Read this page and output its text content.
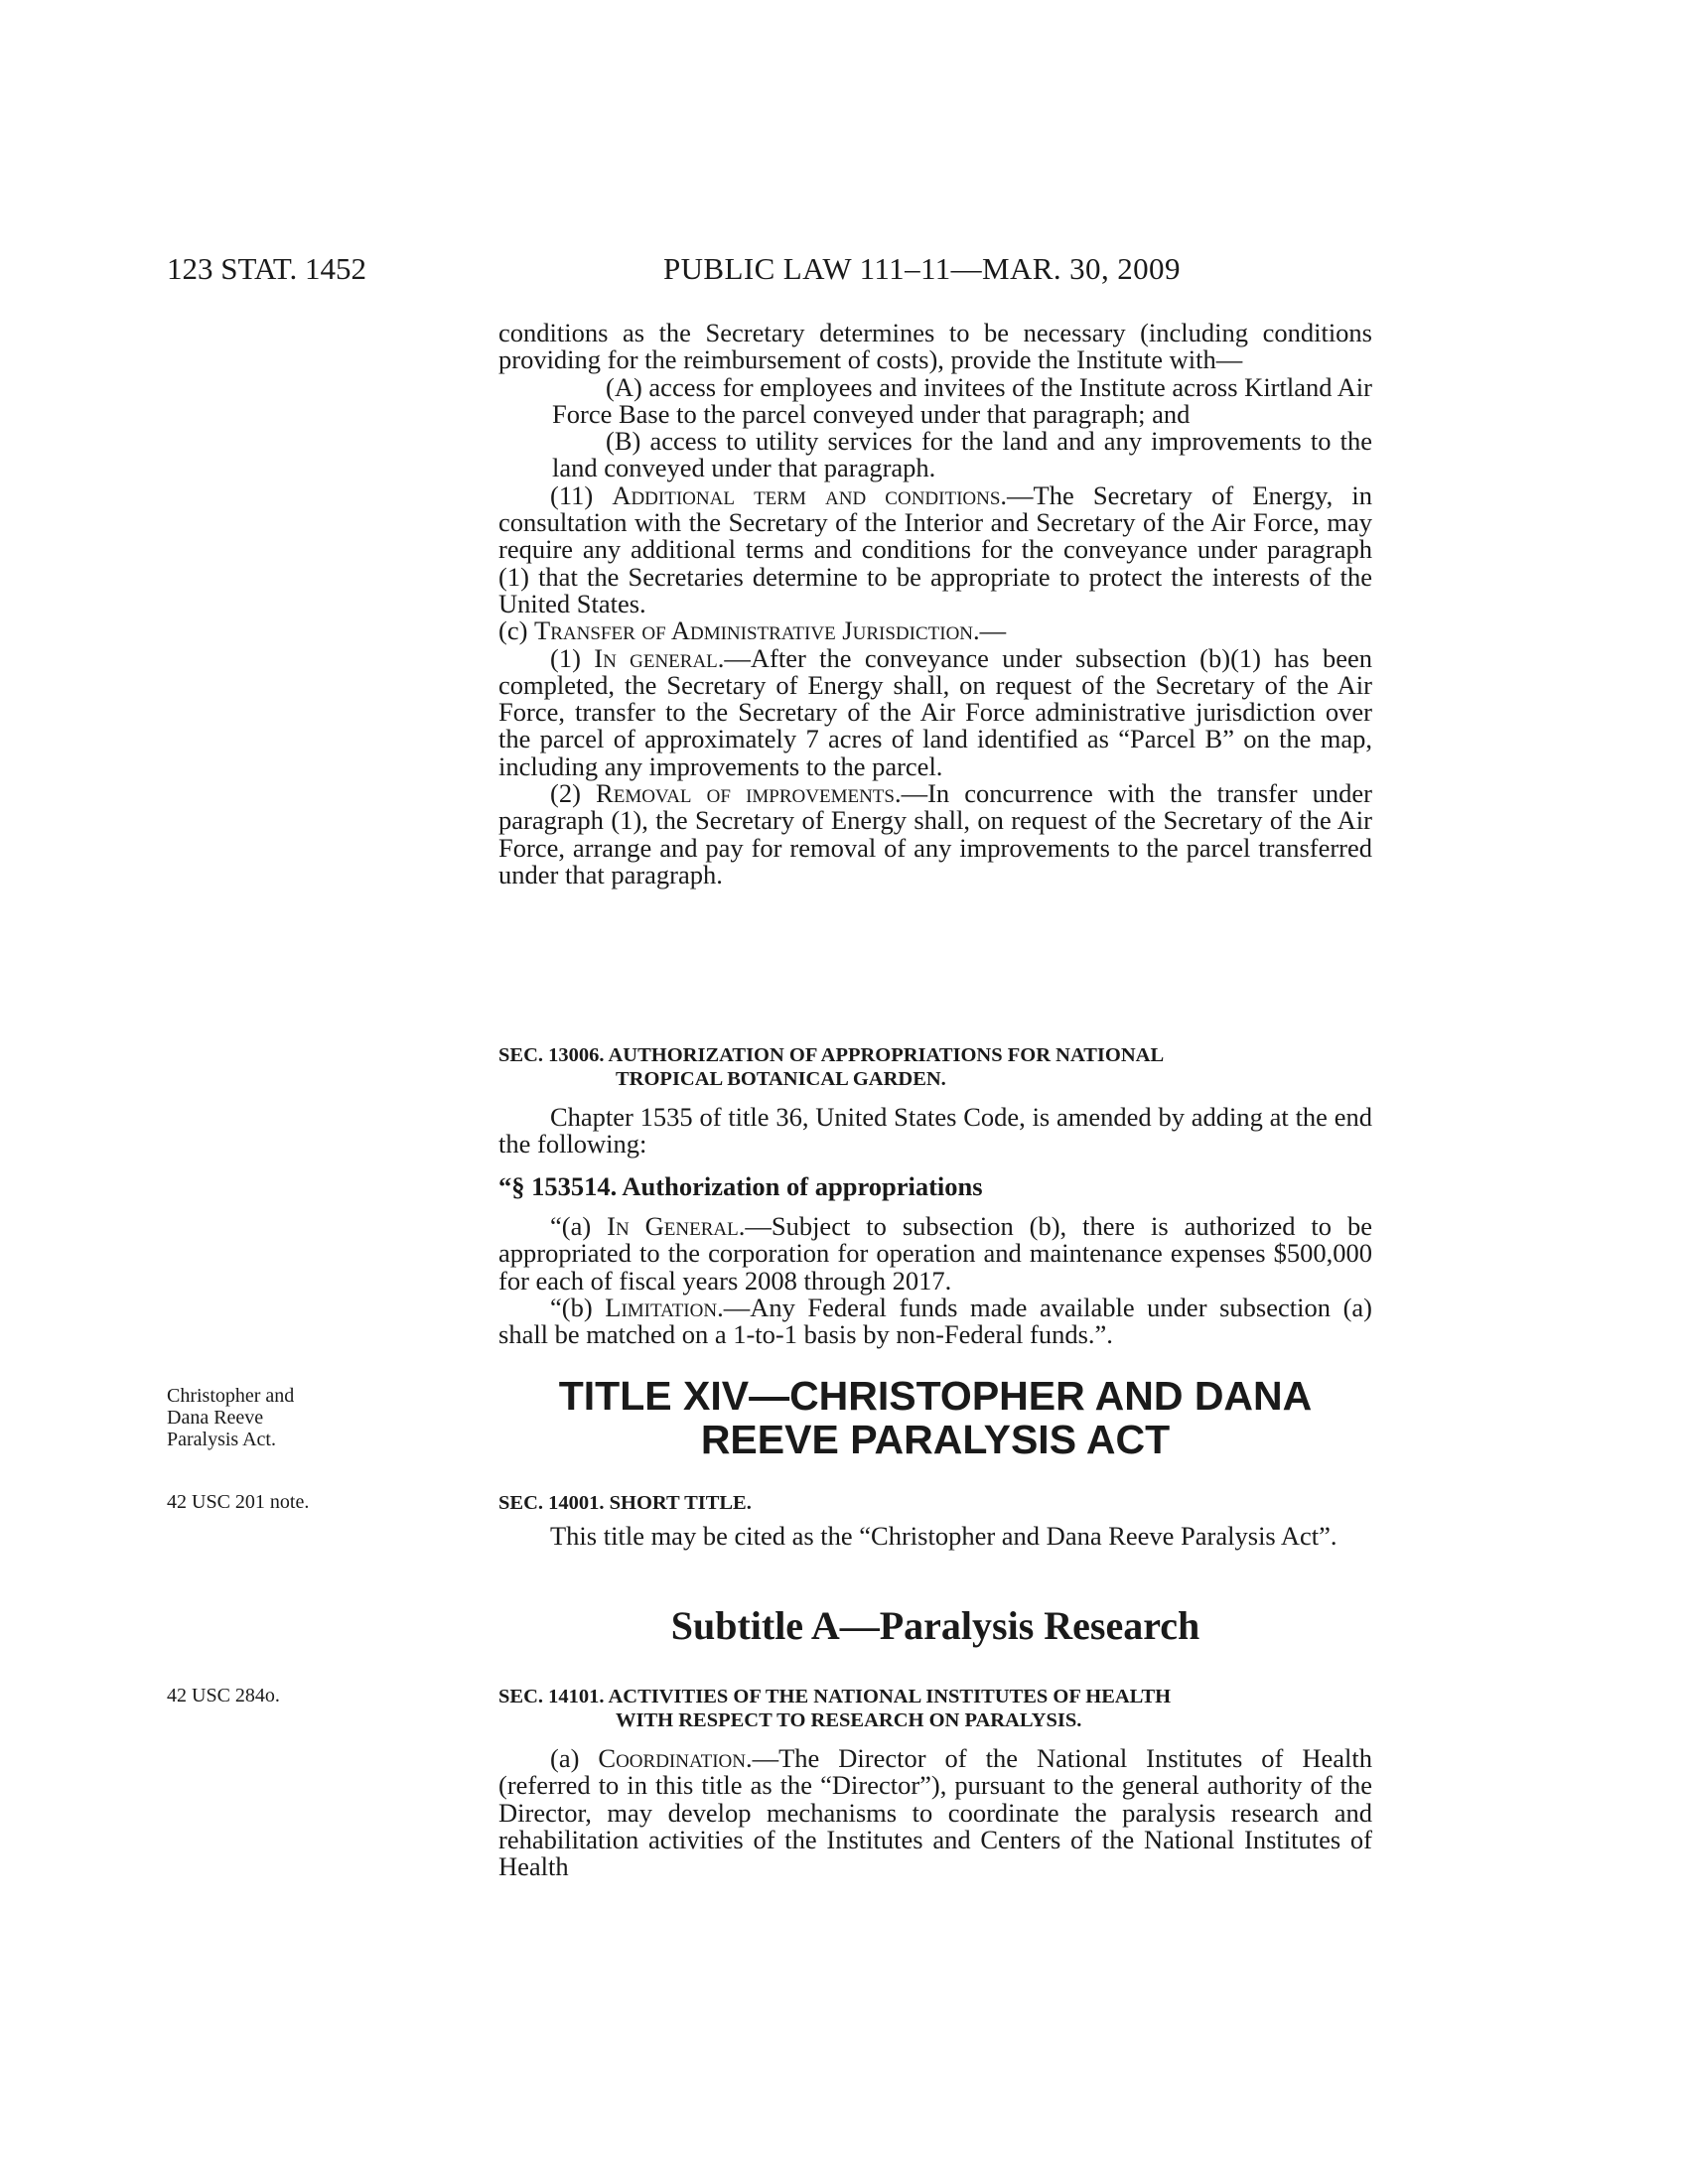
123 STAT. 1452	PUBLIC LAW 111–11—MAR. 30, 2009

conditions as the Secretary determines to be necessary (including conditions providing for the reimbursement of costs), provide the Institute with—

(A) access for employees and invitees of the Institute across Kirtland Air Force Base to the parcel conveyed under that paragraph; and

(B) access to utility services for the land and any improvements to the land conveyed under that paragraph.

(11) Additional term and conditions.—The Secretary of Energy, in consultation with the Secretary of the Interior and Secretary of the Air Force, may require any additional terms and conditions for the conveyance under paragraph (1) that the Secretaries determine to be appropriate to protect the interests of the United States.

(c) Transfer of Administrative Jurisdiction.—

(1) In general.—After the conveyance under subsection (b)(1) has been completed, the Secretary of Energy shall, on request of the Secretary of the Air Force, transfer to the Secretary of the Air Force administrative jurisdiction over the parcel of approximately 7 acres of land identified as “Parcel B” on the map, including any improvements to the parcel.

(2) Removal of improvements.—In concurrence with the transfer under paragraph (1), the Secretary of Energy shall, on request of the Secretary of the Air Force, arrange and pay for removal of any improvements to the parcel transferred under that paragraph.

SEC. 13006. AUTHORIZATION OF APPROPRIATIONS FOR NATIONAL
TROPICAL BOTANICAL GARDEN.

Chapter 1535 of title 36, United States Code, is amended by adding at the end the following:

“§ 153514. Authorization of appropriations

“(a) In General.—Subject to subsection (b), there is authorized to be appropriated to the corporation for operation and maintenance expenses $500,000 for each of fiscal years 2008 through 2017.

“(b) Limitation.—Any Federal funds made available under subsection (a) shall be matched on a 1-to-1 basis by non-Federal funds.”.

Christopher and
Dana Reeve
Paralysis Act.
TITLE XIV—CHRISTOPHER AND DANA
REEVE PARALYSIS ACT
42 USC 201 note.	SEC. 14001. SHORT TITLE.

This title may be cited as the “Christopher and Dana Reeve Paralysis Act”.

Subtitle A—Paralysis Research
42 USC 284o.	SEC. 14101. ACTIVITIES OF THE NATIONAL INSTITUTES OF HEALTH
WITH RESPECT TO RESEARCH ON PARALYSIS.

(a) Coordination.—The Director of the National Institutes of Health (referred to in this title as the “Director”), pursuant to the general authority of the Director, may develop mechanisms to coordinate the paralysis research and rehabilitation activities of the Institutes and Centers of the National Institutes of Health
